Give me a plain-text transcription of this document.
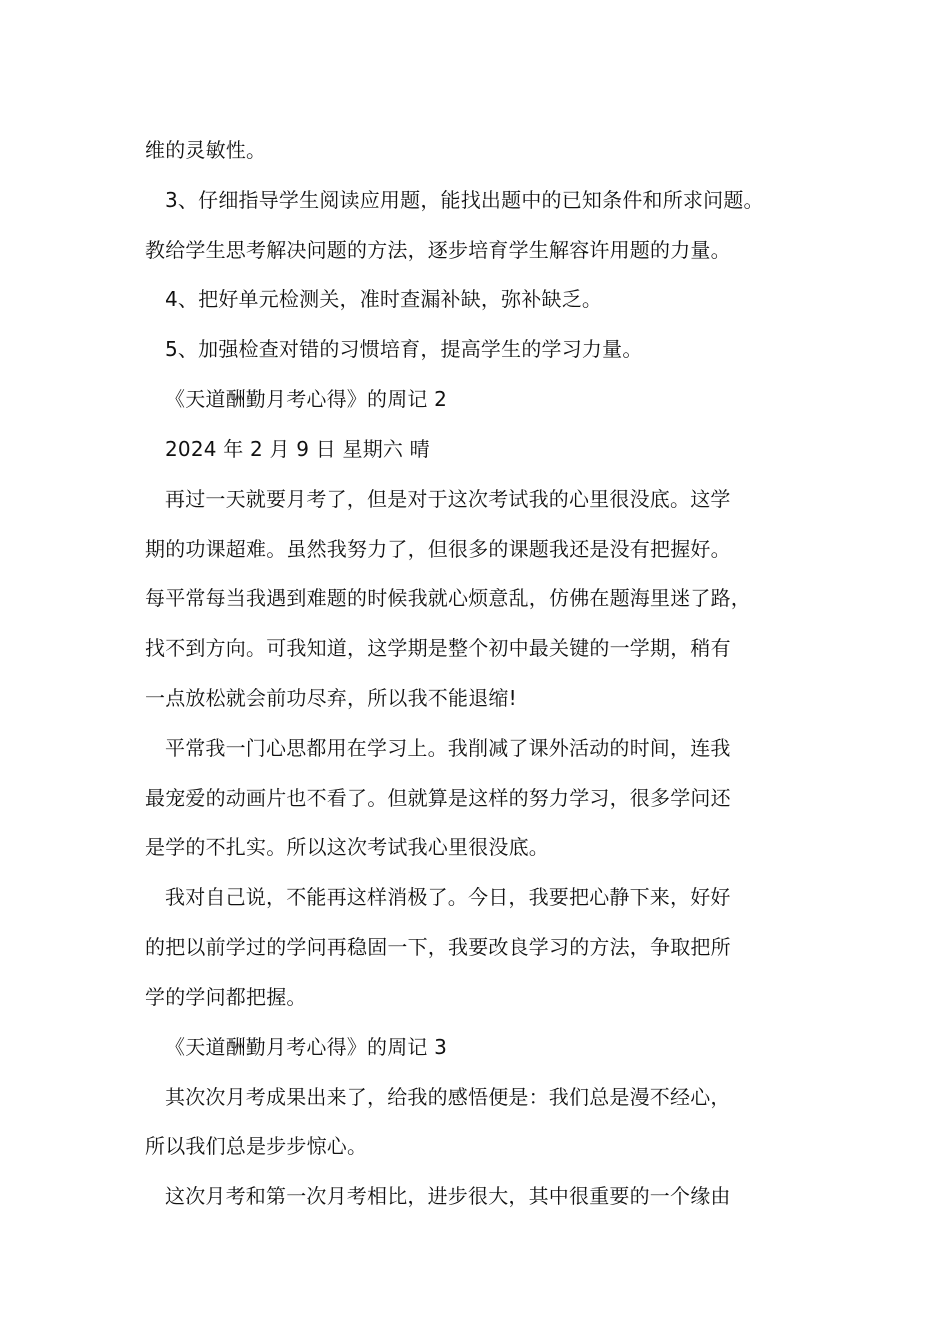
维的灵敏性。
3、仔细指导学生阅读应用题，能找出题中的已知条件和所求问题。
教给学生思考解决问题的方法，逐步培育学生解容许用题的力量。
4、把好单元检测关，准时查漏补缺，弥补缺乏。
5、加强检查对错的习惯培育，提高学生的学习力量。
《天道酬勤月考心得》的周记 2
2024 年 2 月 9 日 星期六 晴
再过一天就要月考了，但是对于这次考试我的心里很没底。这学
期的功课超难。虽然我努力了，但很多的课题我还是没有把握好。
每平常每当我遇到难题的时候我就心烦意乱，仿佛在题海里迷了路，
找不到方向。可我知道，这学期是整个初中最关键的一学期，稍有
一点放松就会前功尽弃，所以我不能退缩!
平常我一门心思都用在学习上。我削减了课外活动的时间，连我
最宠爱的动画片也不看了。但就算是这样的努力学习，很多学问还
是学的不扎实。所以这次考试我心里很没底。
我对自己说，不能再这样消极了。今日，我要把心静下来，好好
的把以前学过的学问再稳固一下，我要改良学习的方法，争取把所
学的学问都把握。
《天道酬勤月考心得》的周记 3
其次次月考成果出来了，给我的感悟便是：我们总是漫不经心，
所以我们总是步步惊心。
这次月考和第一次月考相比，进步很大，其中很重要的一个缘由
